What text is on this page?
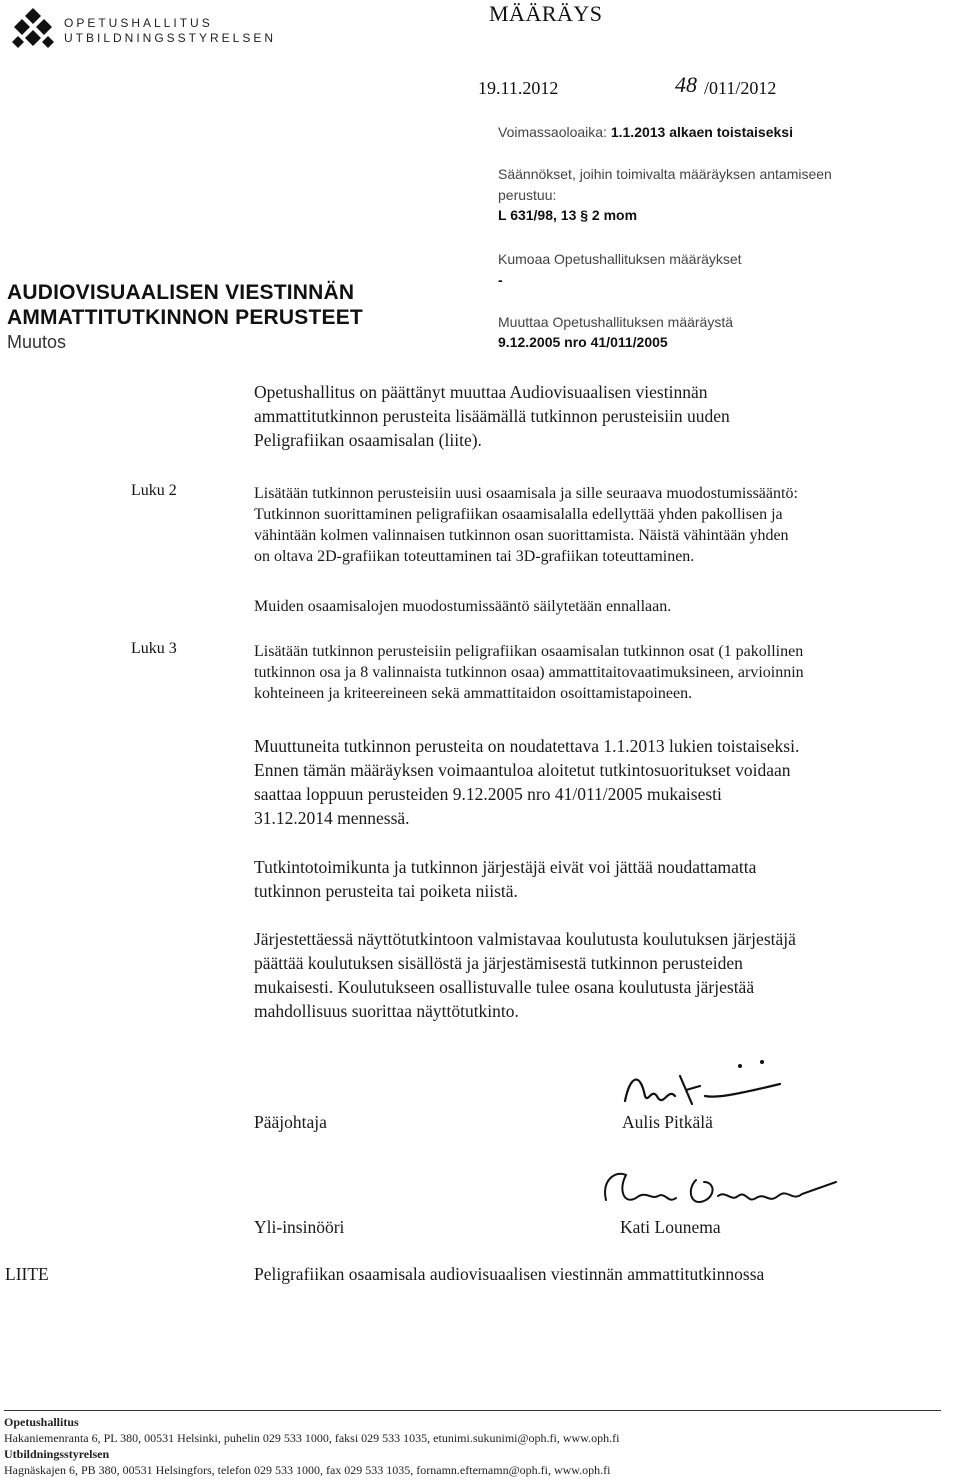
OPETUSHALLITUS
UTBILDNINGSSTYRELSEN
MÄÄRÄYS
19.11.2012	48 /011/2012
Voimassaoloaika: 1.1.2013 alkaen toistaiseksi
Säännökset, joihin toimivalta määräyksen antamiseen
perustuu:
L 631/98, 13 § 2 mom
Kumoaa Opetushallituksen määräykset
-
Muuttaa Opetushallituksen määräystä
9.12.2005 nro 41/011/2005
AUDIOVISUAALISEN VIESTINNÄN
AMMATTITUTKINNON PERUSTEET
Muutos
Opetushallitus on päättänyt muuttaa Audiovisuaalisen viestinnän
ammattitutkinnon perusteita lisäämällä tutkinnon perusteisiin uuden
Peligrafiikan osaamisalan (liite).
Luku 2	Lisätään tutkinnon perusteisiin uusi osaamisala ja sille seuraava muodostumissääntö:
Tutkinnon suorittaminen peligrafiikan osaamisalalla edellyttää yhden pakollisen ja
vähintään kolmen valinnaisen tutkinnon osan suorittamista. Näistä vähintään yhden
on oltava 2D-grafiikan toteuttaminen tai 3D-grafiikan toteuttaminen.
Muiden osaamisalojen muodostumissääntö säilytetään ennallaan.
Luku 3	Lisätään tutkinnon perusteisiin peligrafiikan osaamisalan tutkinnon osat (1 pakollinen
tutkinnon osa ja 8 valinnaista tutkinnon osaa) ammattitaitovaatimuksineen, arvioinnin
kohteineen ja kriteereineen sekä ammattitaidon osoittamistapoineen.
Muuttuneita tutkinnon perusteita on noudatettava 1.1.2013 lukien toistaiseksi.
Ennen tämän määräyksen voimaantuloa aloitetut tutkintosuoritukset voidaan
saattaa loppuun perusteiden 9.12.2005 nro 41/011/2005 mukaisesti
31.12.2014 mennessä.
Tutkintotoimikunta ja tutkinnon järjestäjä eivät voi jättää noudattamatta
tutkinnon perusteita tai poiketa niistä.
Järjestettäessä näyttötutkintoon valmistavaa koulutusta koulutuksen järjestäjä
päättää koulutuksen sisällöstä ja järjestämisestä tutkinnon perusteiden
mukaisesti. Koulutukseen osallistuvalle tulee osana koulutusta järjestää
mahdollisuus suorittaa näyttötutkinto.
Pääjohtaja	Aulis Pitkälä
Yli-insinööri	Kati Lounema
LIITE	Peligrafiikan osaamisala audiovisuaalisen viestinnän ammattitutkinnossa
Opetushallitus
Hakaniemenranta 6, PL 380, 00531 Helsinki, puhelin 029 533 1000, faksi 029 533 1035, etunimi.sukunimi@oph.fi, www.oph.fi
Utbildningsstyrelsen
Hagnäskajen 6, PB 380, 00531 Helsingfors, telefon 029 533 1000, fax 029 533 1035, fornamn.efternamn@oph.fi, www.oph.fi
